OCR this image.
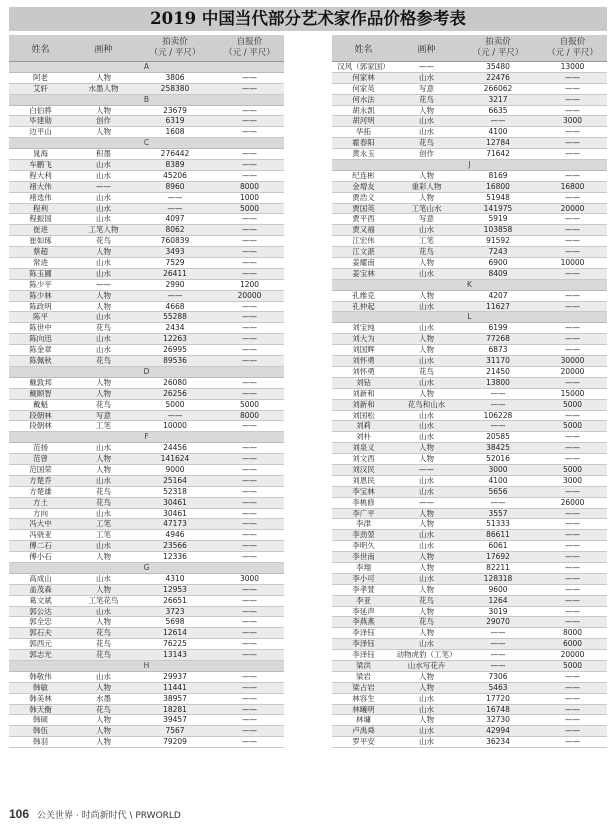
2019 中国当代部分艺术家作品价格参考表
姓名	画种
拍卖价
（元 / 平尺）
自报价
（元 / 平尺）
A
阿老	人物	3806	——
艾轩	水墨人物	258380	——
B
白伯骅	人物	23679	——
毕建勋	创作	6319	——
边平山	人物	1608	——
C
晁海	积墨	276442	——
车鹏飞	山水	8389	——
程大利	山水	45206	——
褚大伟	——	8960	8000
褚选伟	山水	——	1000
程利	山水	——	5000
程振国	山水	4097	——
崔进	工笔人物	8062	——
崔如琢	花鸟	760839	——
蔡超	人物	3493	——
常进	山水	7529	——
陈玉圃	山水	26411	——
陈少平	——	2990	1200
陈少林	人物	——	20000
陈政明	人物	4668	——
陈平	山水	55288	——
陈世中	花鸟	2434	——
陈向迅	山水	12263	——
陈金章	山水	26995	——
陈佩秋	花鸟	89536	——
D
戴敦邦	人物	26080	——
戴顺智	人物	26256	——
戴魁	花鸟	5000	5000
段朝林	写意	——	8000
段朝林	工笔	10000	——
F
范扬	山水	24456	——
范曾	人物	141624	——
范国荣	人物	9000	——
方楚乔	山水	25164	——
方楚雄	花鸟	52318	——
方土	花鸟	30461	——
方向	山水	30461	——
冯大中	工笔	47173	——
冯骁亚	工笔	4946	——
傅二石	山水	23566	——
傅小石	人物	12336	——
G
高成山	山水	4310	3000
盖茂森	人物	12953	——
葛文斌	工笔花鸟	26651	——
郭公达	山水	3723	——
郭全忠	人物	5698	——
郭石夫	花鸟	12614	——
郭西元	花鸟	76225	——
郭志光	花鸟	13143	——
H
韩敬伟	山水	29937	——
韩敏	人物	11441	——
韩美林	水墨	38957	——
韩天衡	花鸟	18281	——
韩硕	人物	39457	——
韩伍	人物	7567	——
韩羽	人物	79209	——
姓名	画种
拍卖价
（元 / 平尺）
自报价
（元 / 平尺）
汉风（郭家国）	——	35480	13000
何家林	山水	22476	——
何家英	写意	266062	——
何水法	花鸟	3217	——
胡永凯	人物	6635	——
胡河明	山水	——	3000
华拓	山水	4100	——
霍春阳	花鸟	12784	——
黄永玉	创作	71642	——
J
纪连彬	人物	8169	——
金增友	重彩人物	16800	16800
贾浩义	人物	51948	——
贾国英	工笔山水	141975	20000
贾平西	写意	5919	——
贾又福	山水	103858	——
江宏伟	工笔	91592	——
江文湛	花鸟	7243	——
姜耀南	人物	6900	10000
姜宝林	山水	8409	——
K
孔维克	人物	4207	——
孔仲起	山水	11627	——
L
刘宝纯	山水	6199	——
刘大为	人物	77268	——
刘国辉	人物	6873	——
刘怀勇	山水	31170	30000
刘怀勇	花鸟	21450	20000
刘钻	山水	13800	——
刘新和	人物	——	15000
刘新和	花鸟和山水	——	5000
刘国松	山水	106228	——
刘莉	山水	——	5000
刘朴	山水	20585	——
刘泉义	人物	38425	——
刘文西	人物	52016	——
刘汉民	——	3000	5000
刘恩民	山水	4100	3000
李宝林	山水	5656	——
李桃修	——	——	26000
李广平	人物	3557	——
李津	人物	51333	——
李劲堃	山水	86611	——
李明久	山水	6061	——
李世南	人物	17692	——
李翔	人物	82211	——
李小可	山水	128318	——
李孝萱	人物	9600	——
李亚	花鸟	1264	——
李延声	人物	3019	——
李燕燕	花鸟	29070	——
李泽钰	人物	——	8000
李泽钰	山水	——	6000
李泽钰	动物虎豹（工笔）	——	20000
梁洪	山水写花卉	——	5000
梁岩	人物	7306	——
梁占岩	人物	5463	——
林容生	山水	17720	——
林曦明	山水	16748	——
林墉	人物	32730	——
卢禹舜	山水	42994	——
罗平安	山水	36234	——
106 公关世界 · 时尚新时代 \ PRWORLD
